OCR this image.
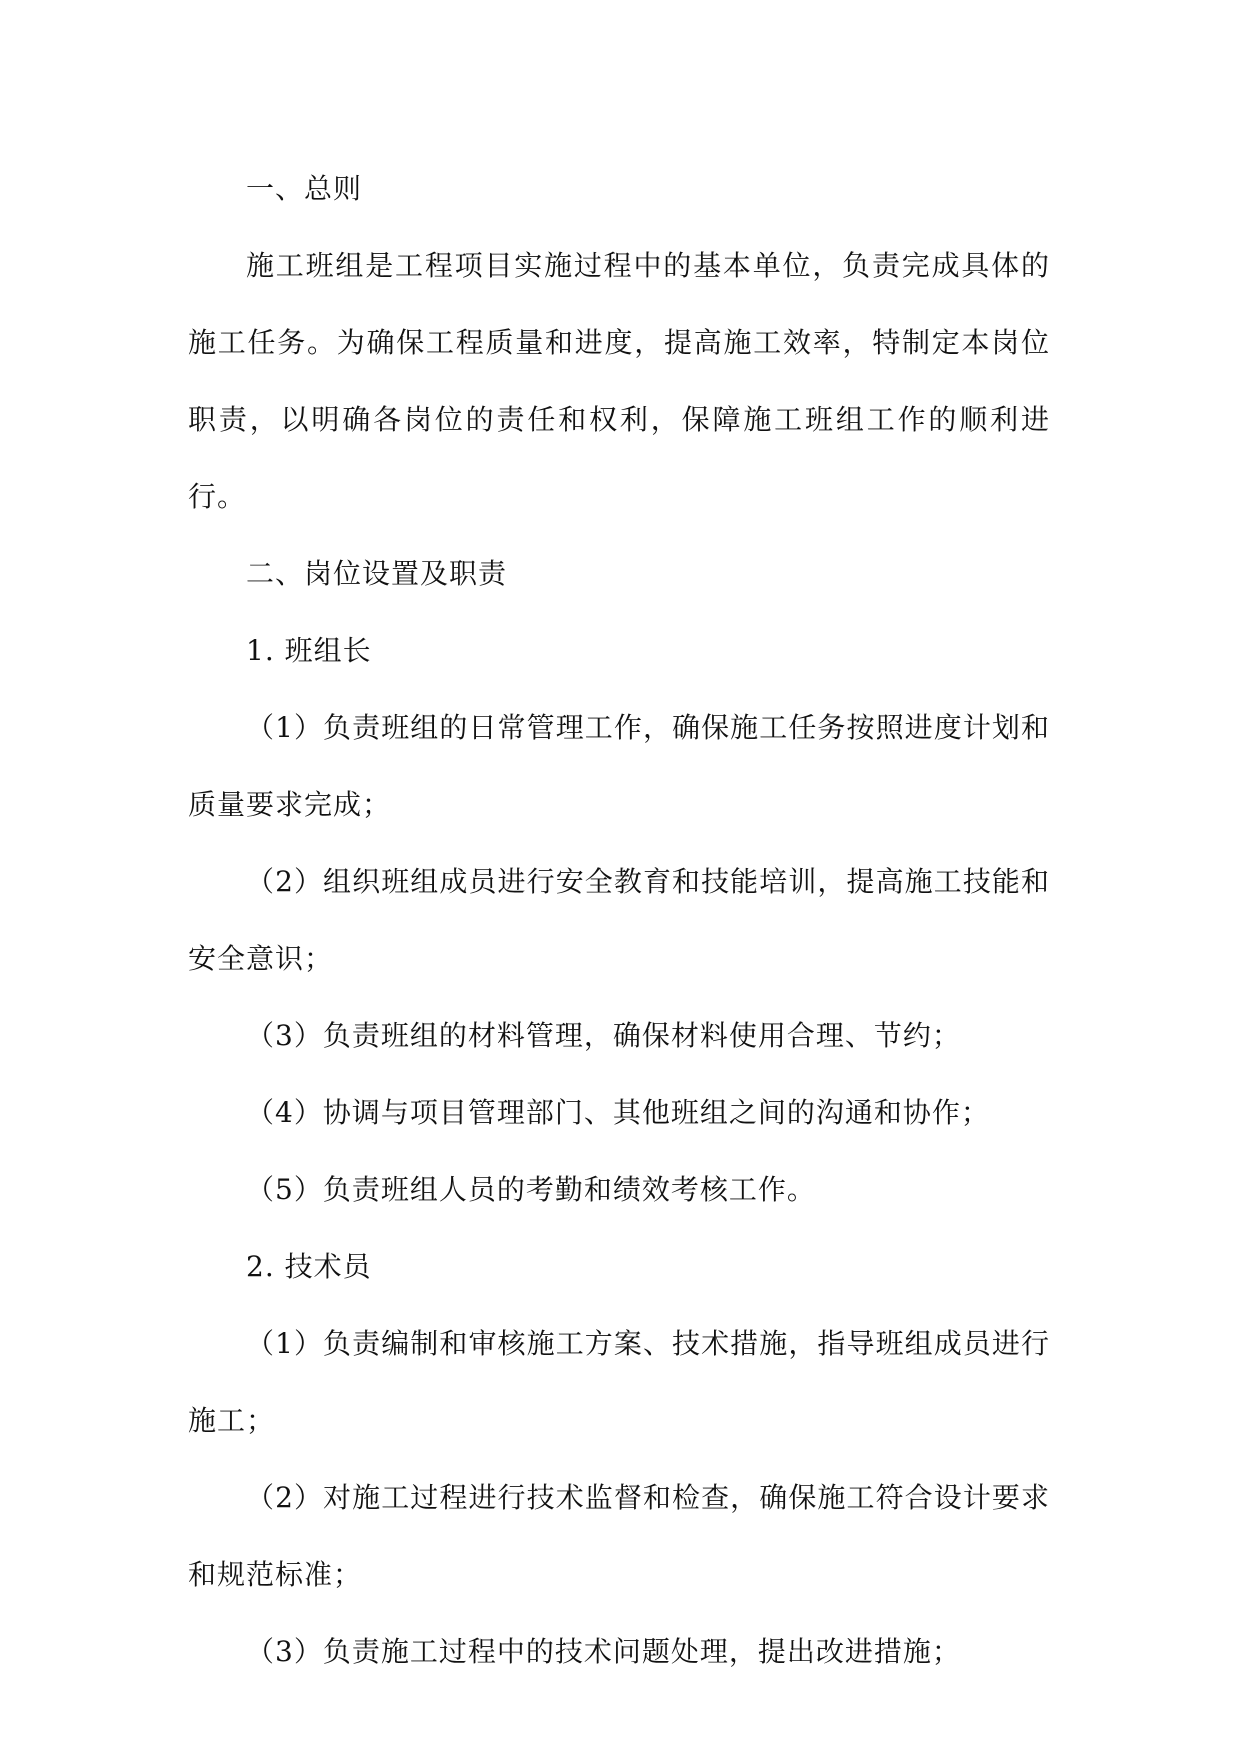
一、总则

施工班组是工程项目实施过程中的基本单位，负责完成具体的施工任务。为确保工程质量和进度，提高施工效率，特制定本岗位职责，以明确各岗位的责任和权利，保障施工班组工作的顺利进行。

二、岗位设置及职责

1. 班组长

（1）负责班组的日常管理工作，确保施工任务按照进度计划和质量要求完成；

（2）组织班组成员进行安全教育和技能培训，提高施工技能和安全意识；

（3）负责班组的材料管理，确保材料使用合理、节约；

（4）协调与项目管理部门、其他班组之间的沟通和协作；

（5）负责班组人员的考勤和绩效考核工作。

2. 技术员

（1）负责编制和审核施工方案、技术措施，指导班组成员进行施工；

（2）对施工过程进行技术监督和检查，确保施工符合设计要求和规范标准；

（3）负责施工过程中的技术问题处理，提出改进措施；
